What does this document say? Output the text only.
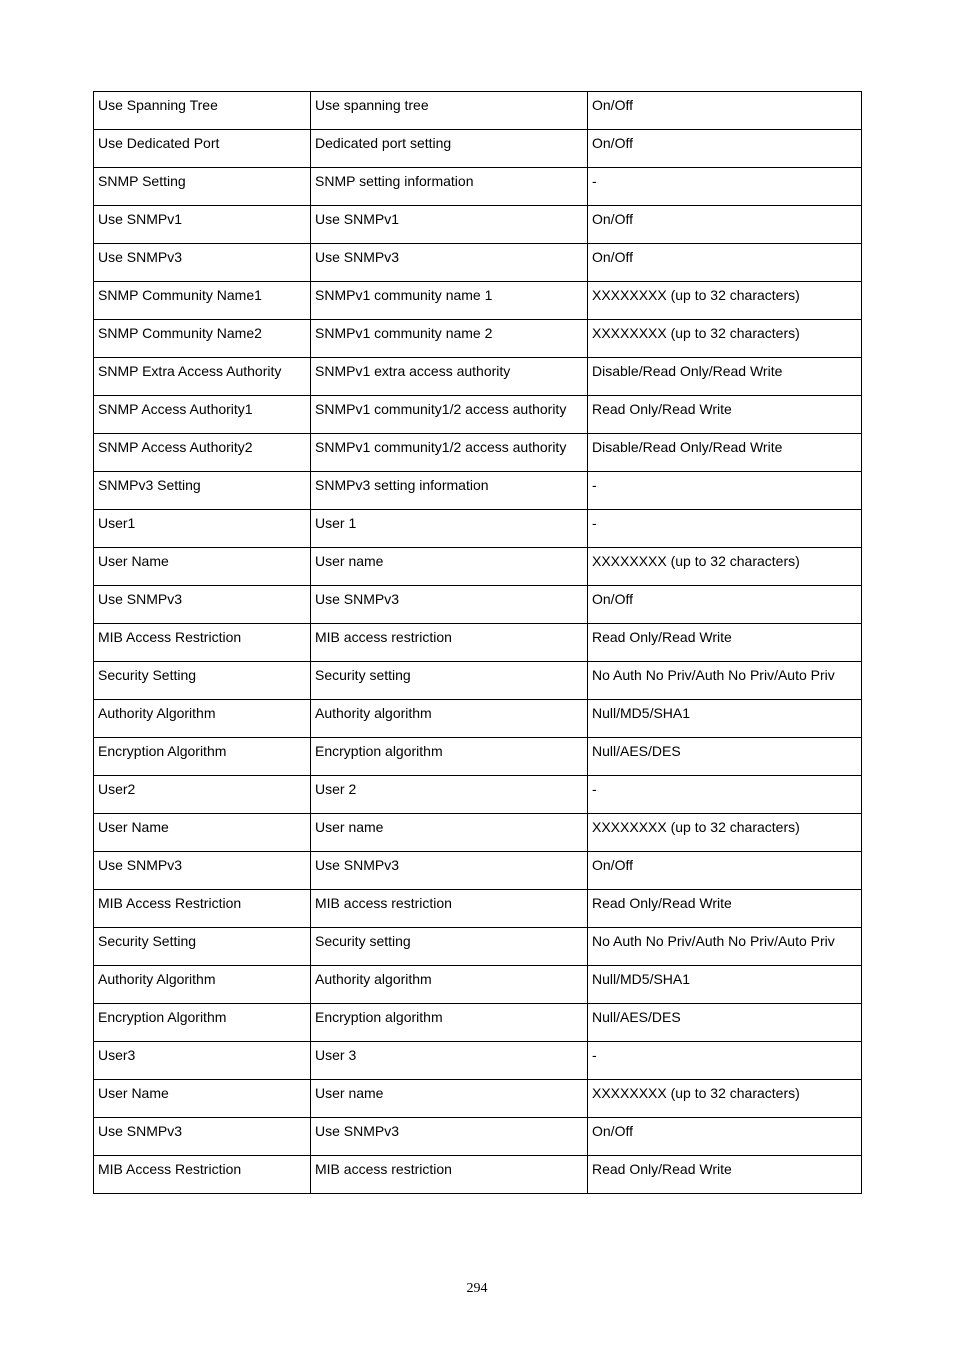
Use Spanning Tree	Use spanning tree	On/Off
Use Dedicated Port	Dedicated port setting	On/Off
SNMP Setting	SNMP setting information	-
Use SNMPv1	Use SNMPv1	On/Off
Use SNMPv3	Use SNMPv3	On/Off
SNMP Community Name1	SNMPv1 community name 1	XXXXXXXX (up to 32 characters)
SNMP Community Name2	SNMPv1 community name 2	XXXXXXXX (up to 32 characters)
SNMP Extra Access Authority	SNMPv1 extra access authority	Disable/Read Only/Read Write
SNMP Access Authority1	SNMPv1 community1/2 access authority	Read Only/Read Write
SNMP Access Authority2	SNMPv1 community1/2 access authority	Disable/Read Only/Read Write
SNMPv3 Setting	SNMPv3 setting information	-
User1	User 1	-
User Name	User name	XXXXXXXX (up to 32 characters)
Use SNMPv3	Use SNMPv3	On/Off
MIB Access Restriction	MIB access restriction	Read Only/Read Write
Security Setting	Security setting	No Auth No Priv/Auth No Priv/Auto Priv
Authority Algorithm	Authority algorithm	Null/MD5/SHA1
Encryption Algorithm	Encryption algorithm	Null/AES/DES
User2	User 2	-
User Name	User name	XXXXXXXX (up to 32 characters)
Use SNMPv3	Use SNMPv3	On/Off
MIB Access Restriction	MIB access restriction	Read Only/Read Write
Security Setting	Security setting	No Auth No Priv/Auth No Priv/Auto Priv
Authority Algorithm	Authority algorithm	Null/MD5/SHA1
Encryption Algorithm	Encryption algorithm	Null/AES/DES
User3	User 3	-
User Name	User name	XXXXXXXX (up to 32 characters)
Use SNMPv3	Use SNMPv3	On/Off
MIB Access Restriction	MIB access restriction	Read Only/Read Write
294
